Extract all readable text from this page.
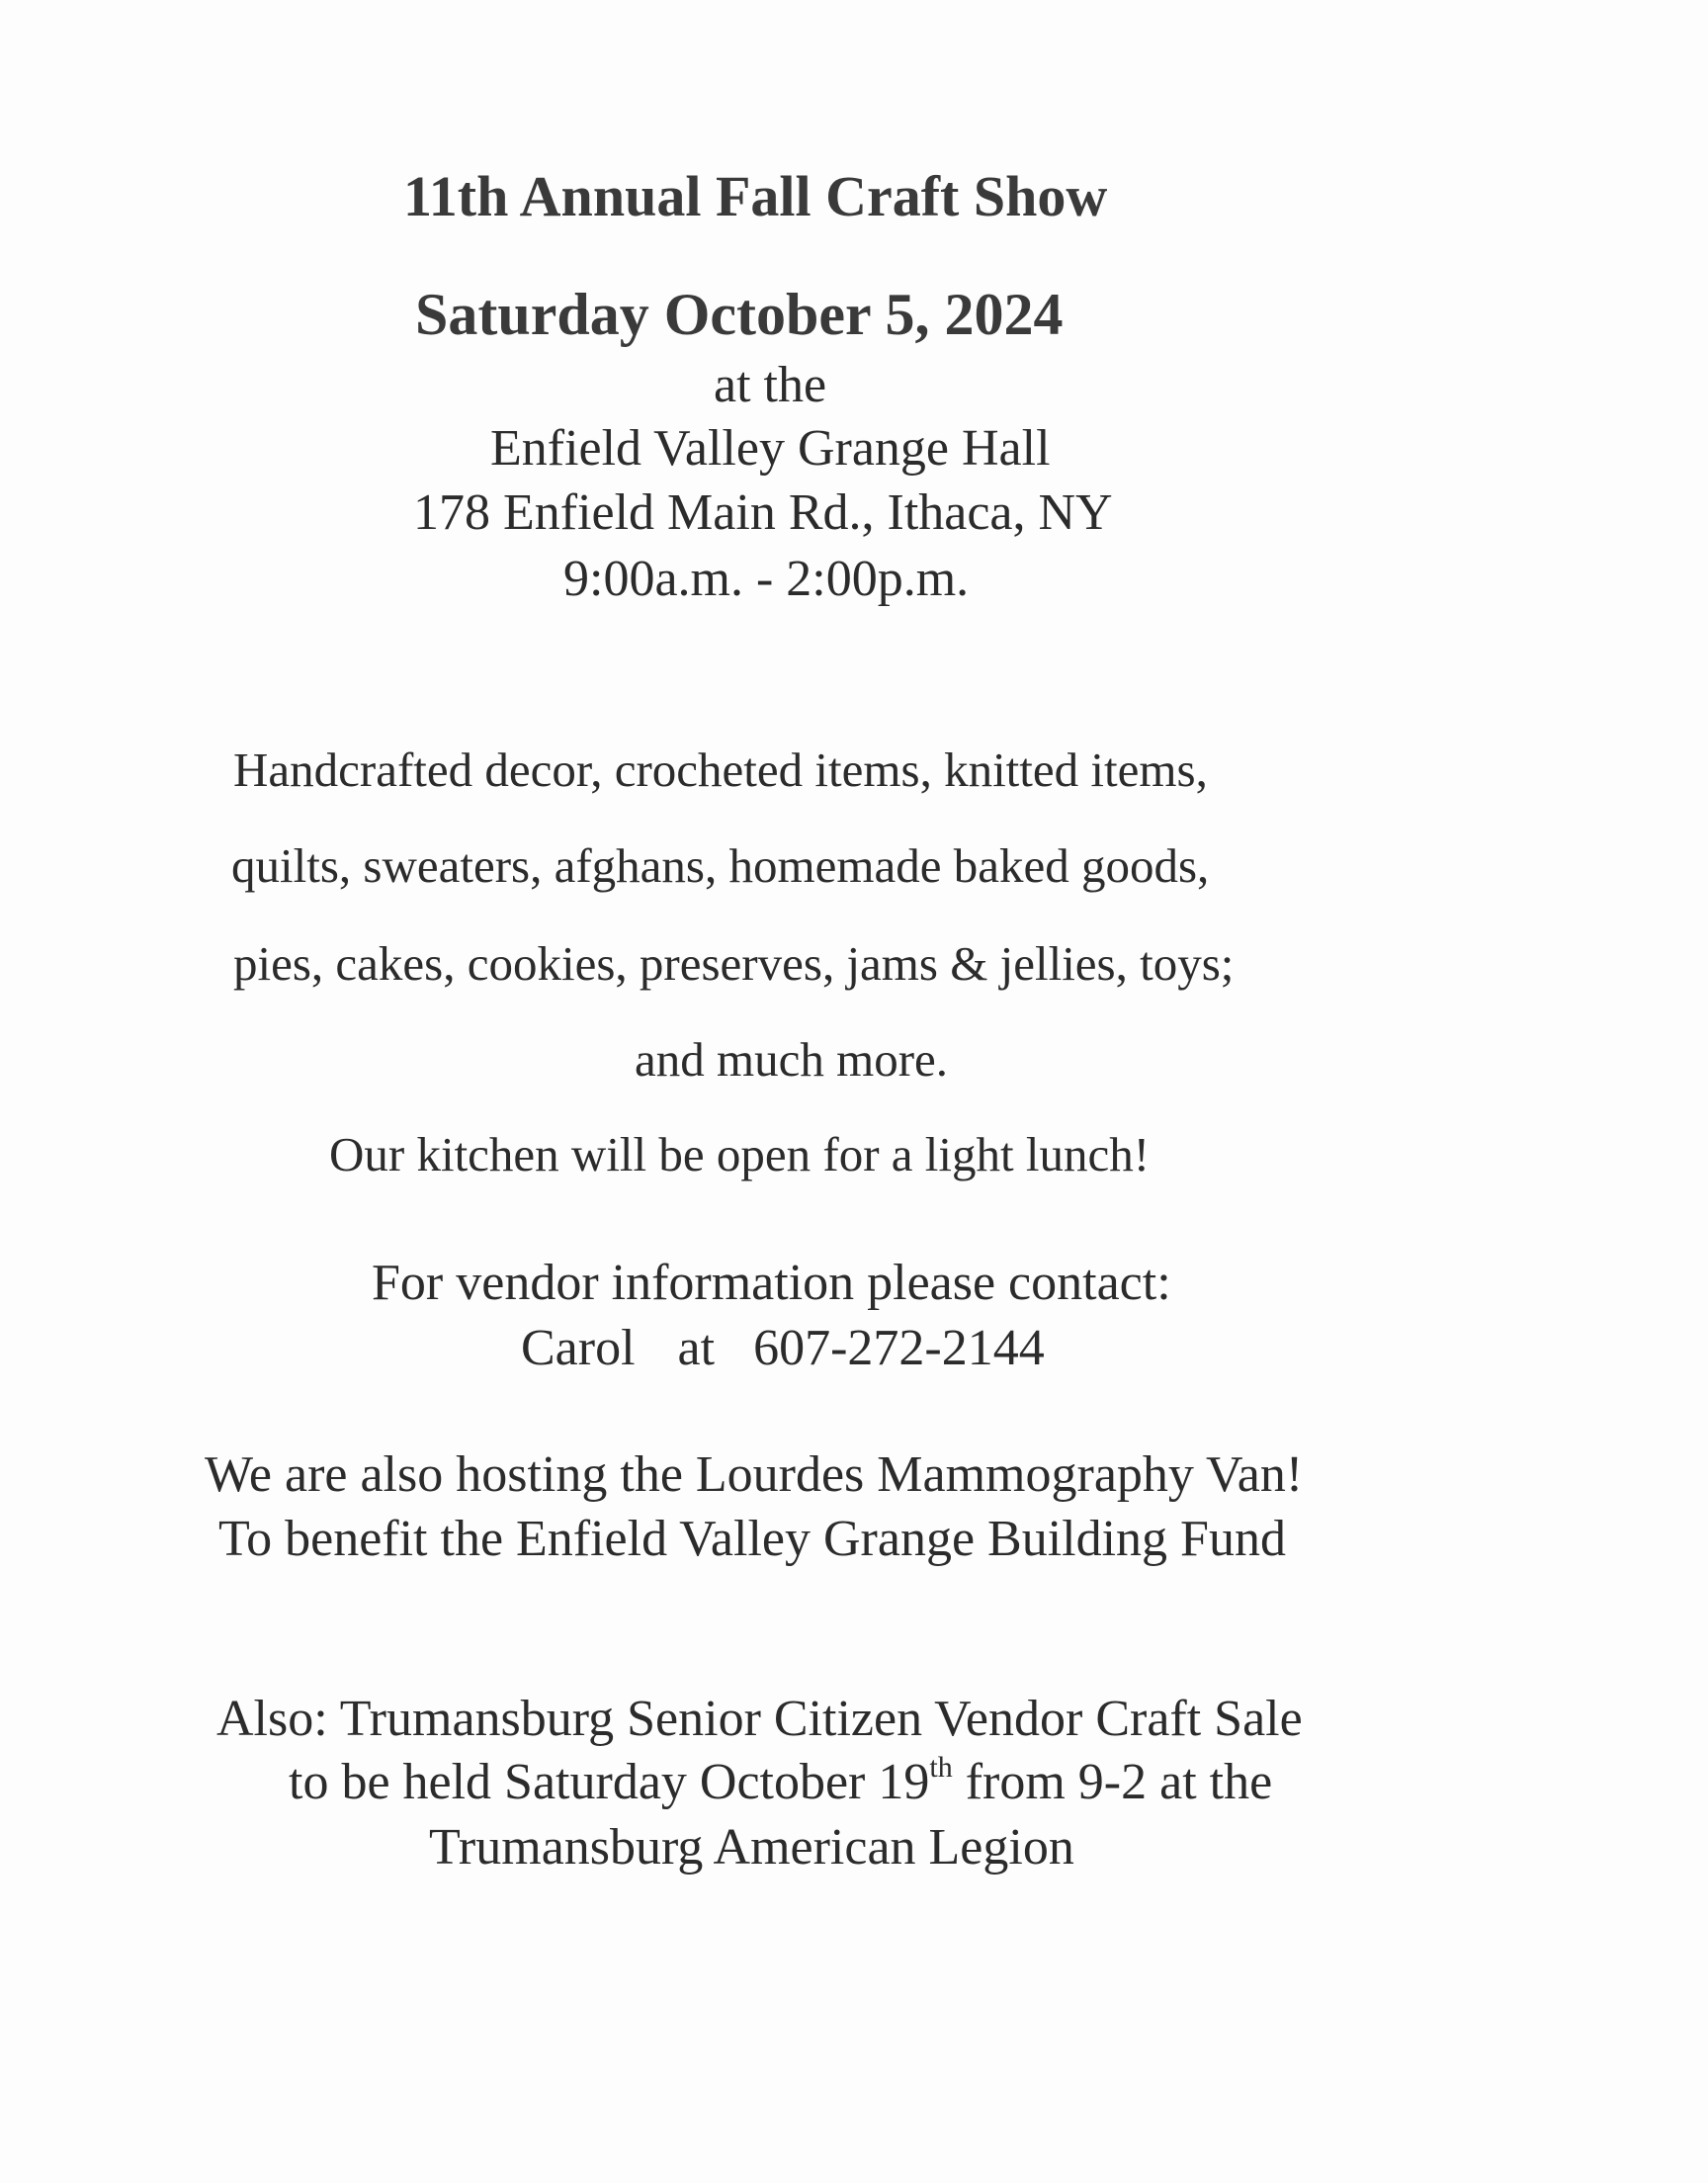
11th Annual Fall Craft Show
Saturday October 5, 2024
at the
Enfield Valley Grange Hall
178 Enfield Main Rd., Ithaca, NY
9:00a.m. - 2:00p.m.
Handcrafted decor, crocheted items, knitted items,
quilts, sweaters, afghans, homemade baked goods,
pies, cakes, cookies, preserves, jams & jellies, toys;
and much more.
Our kitchen will be open for a light lunch!
For vendor information please contact:
Carol at 607-272-2144
We are also hosting the Lourdes Mammography Van!
To benefit the Enfield Valley Grange Building Fund
Also: Trumansburg Senior Citizen Vendor Craft Sale
to be held Saturday October 19th from 9-2 at the
Trumansburg American Legion
